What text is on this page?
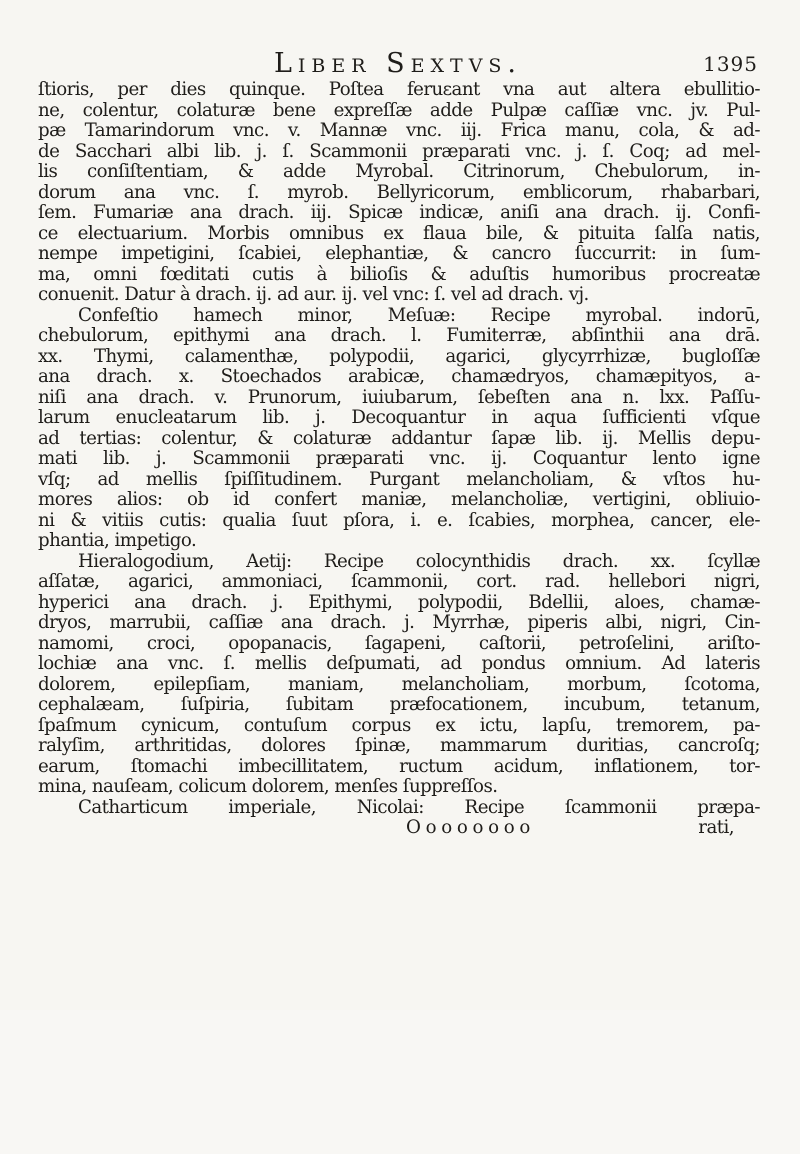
Liber Sextvs.	1395
ſtioris, per dies quinque. Poſtea feruεant vna aut altera ebullitio-
ne, colentur, colaturæ bene expreſſæ adde Pulpæ caſſiæ vnc. jv. Pul-
pæ Tamarindorum vnc. v. Mannæ vnc. iij. Frica manu, cola, & ad-
de Sacchari albi lib. j. ſ. Scammonii præparati vnc. j. ſ. Coq; ad mel-
lis conſiſtentiam, & adde Myrobal. Citrinorum, Chebulorum, in-
dorum ana vnc. ſ. myrob. Bellyricorum, emblicorum, rhabarbari,
ſem. Fumariæ ana drach. iij. Spicæ indicæ, aniſi ana drach. ij. Confi-
ce electuarium. Morbis omnibus ex flaua bile, & pituita ſalſa natis,
nempe impetigini, ſcabiei, elephantiæ, & cancro ſuccurrit: in ſum-
ma, omni fœditati cutis à bilioſis & aduſtis humoribus procreatæ
conuenit. Datur à drach. ij. ad aur. ij. vel vnc: ſ. vel ad drach. vj.
Confeſtio hamech minor, Meſuæ: Recipe myrobal. indorū,
chebulorum, epithymi ana drach. l. Fumiterræ, abſinthii ana drā.
xx. Thymi, calamenthæ, polypodii, agarici, glycyrrhizæ, bugloſſæ
ana drach. x. Stoechados arabicæ, chamædryos, chamæpityos, a-
niſi ana drach. v. Prunorum, iuiubarum, ſebeſten ana n. lxx. Paſſu-
larum enucleatarum lib. j. Decoquantur in aqua ſufficienti vſque
ad tertias: colentur, & colaturæ addantur ſapæ lib. ij. Mellis depu-
mati lib. j. Scammonii præparati vnc. ij. Coquantur lento igne
vſq; ad mellis ſpiſſitudinem. Purgant melancholiam, & vſtos hu-
mores alios: ob id confert maniæ, melancholiæ, vertigini, obliuio-
ni & vitiis cutis: qualia ſuut pſora, i. e. ſcabies, morphea, cancer, ele-
phantia, impetigo.
Hieralogodium, Aetij: Recipe colocynthidis drach. xx. ſcyllæ
aſſatæ, agarici, ammoniaci, ſcammonii, cort. rad. hellebori nigri,
hyperici ana drach. j. Epithymi, polypodii, Bdellii, aloes, chamæ-
dryos, marrubii, caſſiæ ana drach. j. Myrrhæ, piperis albi, nigri, Cin-
namomi, croci, opopanacis, ſagapeni, caſtorii, petroſelini, ariſto-
lochiæ ana vnc. ſ. mellis deſpumati, ad pondus omnium. Ad lateris
dolorem, epilepſiam, maniam, melancholiam, morbum, ſcotoma,
cephalæam, ſuſpiria, ſubitam præfocationem, incubum, tetanum,
ſpaſmum cynicum, contuſum corpus ex ictu, lapſu, tremorem, pa-
ralyſim, arthritidas, dolores ſpinæ, mammarum duritias, cancroſq;
earum, ſtomachi imbecillitatem, ructum acidum, inflationem, tor-
mina, nauſeam, colicum dolorem, menſes ſuppreſſos.
Catharticum imperiale, Nicolai: Recipe ſcammonii præpa-
O o o o o o o o	rati,
